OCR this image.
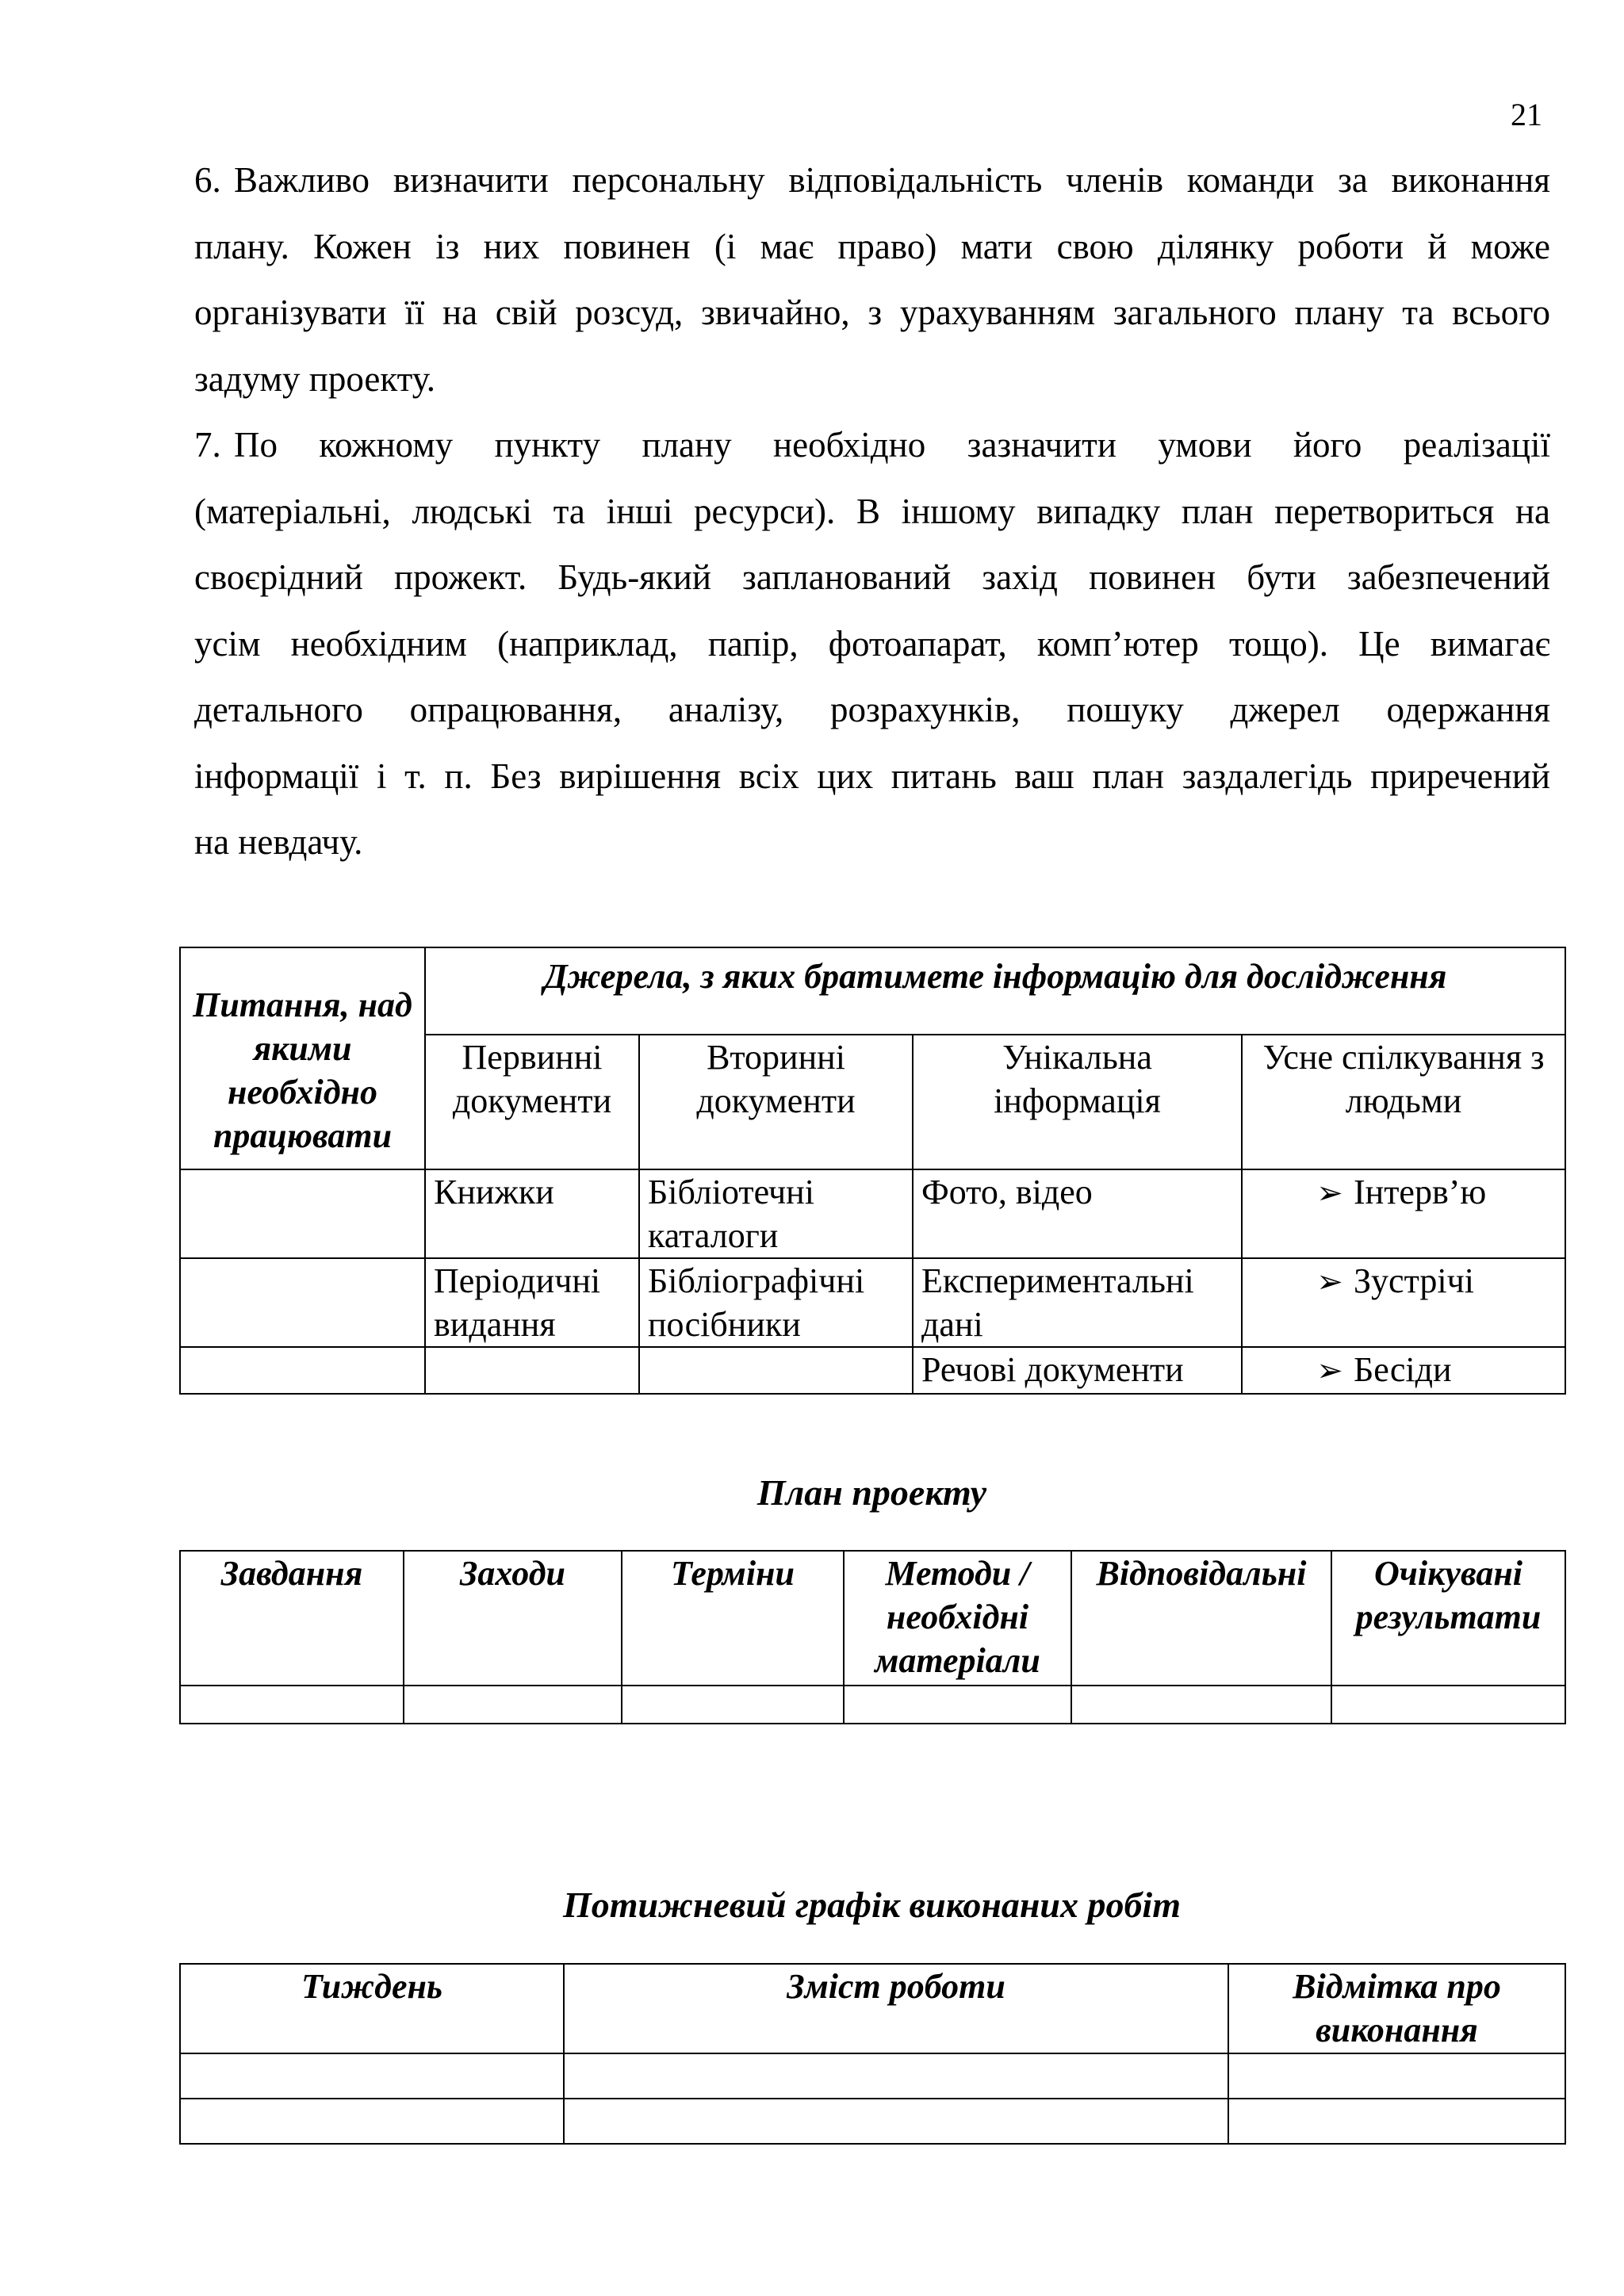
21
6. Важливо визначити персональну відповідальність членів команди за виконання
плану. Кожен із них повинен (і має право) мати свою ділянку роботи й може
організувати її на свій розсуд, звичайно, з урахуванням загального плану та всього
задуму проекту.
7. По кожному пункту плану необхідно зазначити умови його реалізації
(матеріальні, людські та інші ресурси). В іншому випадку план перетвориться на
своєрідний прожект. Будь-який запланований захід повинен бути забезпечений
усім необхідним (наприклад, папір, фотоапарат, комп’ютер тощо). Це вимагає
детального опрацювання, аналізу, розрахунків, пошуку джерел одержання
інформації і т. п. Без вирішення всіх цих питань ваш план заздалегідь приречений
на невдачу.
Питання, над якими необхідно працювати	Джерела, з яких братимете інформацію для дослідження			
	Первинні документи	Вторинні документи	Унікальна інформація	Усне спілкування з людьми
	Книжки	Бібліотечні каталоги	Фото, відео	➢ Інтерв’ю
	Періодичні видання	Бібліографічні посібники	Експериментальні дані	➢ Зустрічі
			Речові документи	➢ Бесіди
План проекту
Завдання	Заходи	Терміни	Методи / необхідні матеріали	Відповідальні	Очікувані результати

Потижневий графік виконаних робіт
Тиждень	Зміст роботи	Відмітка про виконання
